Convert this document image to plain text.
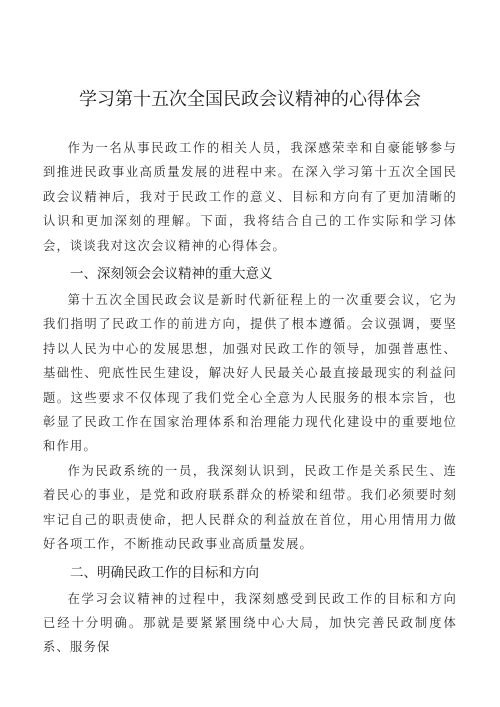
学习第十五次全国民政会议精神的心得体会

作为一名从事民政工作的相关人员，我深感荣幸和自豪能够参与到推进民政事业高质量发展的进程中来。在深入学习第十五次全国民政会议精神后，我对于民政工作的意义、目标和方向有了更加清晰的认识和更加深刻的理解。下面，我将结合自己的工作实际和学习体会，谈谈我对这次会议精神的心得体会。

一、深刻领会会议精神的重大意义

第十五次全国民政会议是新时代新征程上的一次重要会议，它为我们指明了民政工作的前进方向，提供了根本遵循。会议强调，要坚持以人民为中心的发展思想，加强对民政工作的领导，加强普惠性、基础性、兜底性民生建设，解决好人民最关心最直接最现实的利益问题。这些要求不仅体现了我们党全心全意为人民服务的根本宗旨，也彰显了民政工作在国家治理体系和治理能力现代化建设中的重要地位和作用。

作为民政系统的一员，我深刻认识到，民政工作是关系民生、连着民心的事业，是党和政府联系群众的桥梁和纽带。我们必须要时刻牢记自己的职责使命，把人民群众的利益放在首位，用心用情用力做好各项工作，不断推动民政事业高质量发展。

二、明确民政工作的目标和方向

在学习会议精神的过程中，我深刻感受到民政工作的目标和方向已经十分明确。那就是要紧紧围绕中心大局，加快完善民政制度体系、服务保
